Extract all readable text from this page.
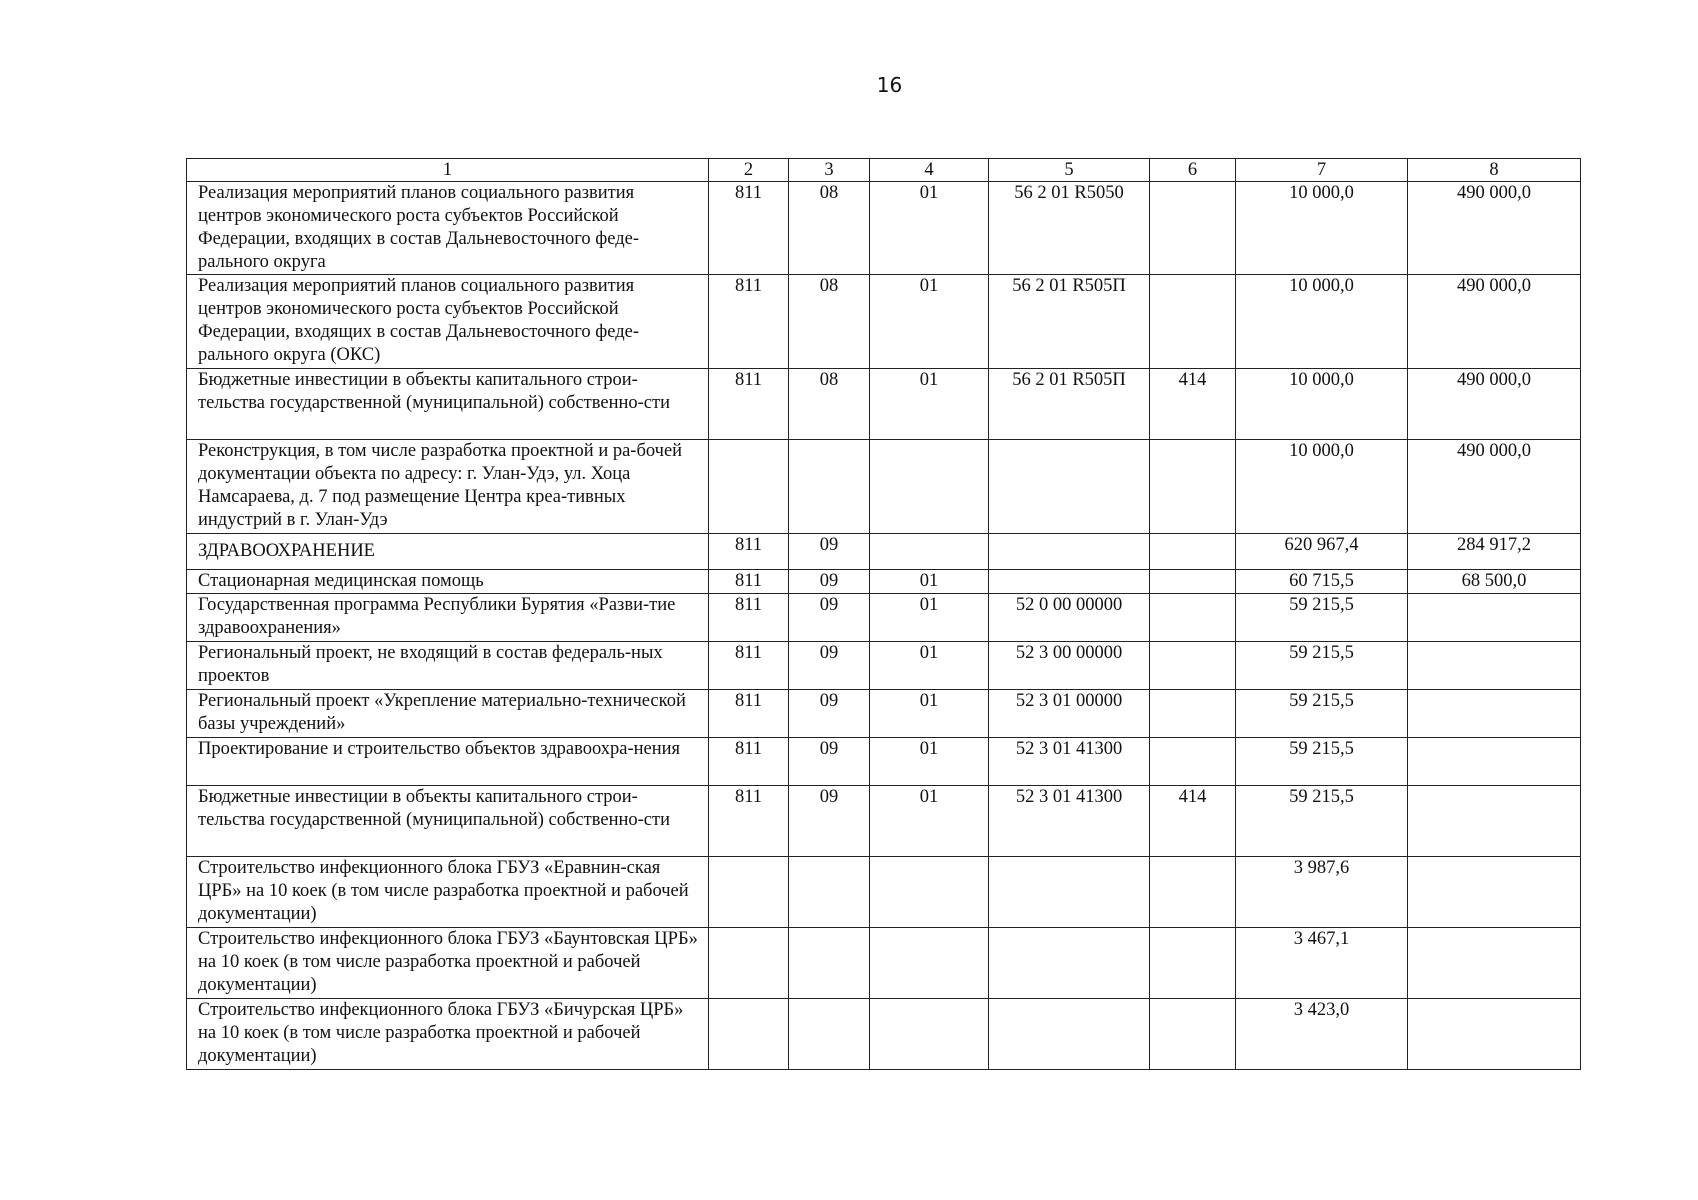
16
1	2	3	4	5	6	7	8
Реализация мероприятий планов социального развития центров экономического роста субъектов Российской Федерации, входящих в состав Дальневосточного феде-рального округа	811	08	01	56 2 01 R5050		10 000,0	490 000,0
Реализация мероприятий планов социального развития центров экономического роста субъектов Российской Федерации, входящих в состав Дальневосточного феде-рального округа (ОКС)	811	08	01	56 2 01 R505П		10 000,0	490 000,0
Бюджетные инвестиции в объекты капитального строи-тельства государственной (муниципальной) собственно-сти	811	08	01	56 2 01 R505П	414	10 000,0	490 000,0
Реконструкция, в том числе разработка проектной и ра-бочей документации объекта по адресу: г. Улан-Удэ, ул. Хоца Намсараева, д. 7 под размещение Центра креа-тивных индустрий в г. Улан-Удэ						10 000,0	490 000,0
ЗДРАВООХРАНЕНИЕ	811	09				620 967,4	284 917,2
Стационарная медицинская помощь	811	09	01			60 715,5	68 500,0
Государственная программа Республики Бурятия «Разви-тие здравоохранения»	811	09	01	52 0 00 00000		59 215,5	
Региональный проект, не входящий в состав федераль-ных проектов	811	09	01	52 3 00 00000		59 215,5	
Региональный проект «Укрепление материально-технической базы учреждений»	811	09	01	52 3 01 00000		59 215,5	
Проектирование и строительство объектов здравоохра-нения	811	09	01	52 3 01 41300		59 215,5	
Бюджетные инвестиции в объекты капитального строи-тельства государственной (муниципальной) собственно-сти	811	09	01	52 3 01 41300	414	59 215,5	
Строительство инфекционного блока ГБУЗ «Еравнин-ская ЦРБ» на 10 коек (в том числе разработка проектной и рабочей документации)						3 987,6	
Строительство инфекционного блока ГБУЗ «Баунтовская ЦРБ» на 10 коек (в том числе разработка проектной и рабочей документации)						3 467,1	
Строительство инфекционного блока ГБУЗ «Бичурская ЦРБ» на 10 коек (в том числе разработка проектной и рабочей документации)						3 423,0	
